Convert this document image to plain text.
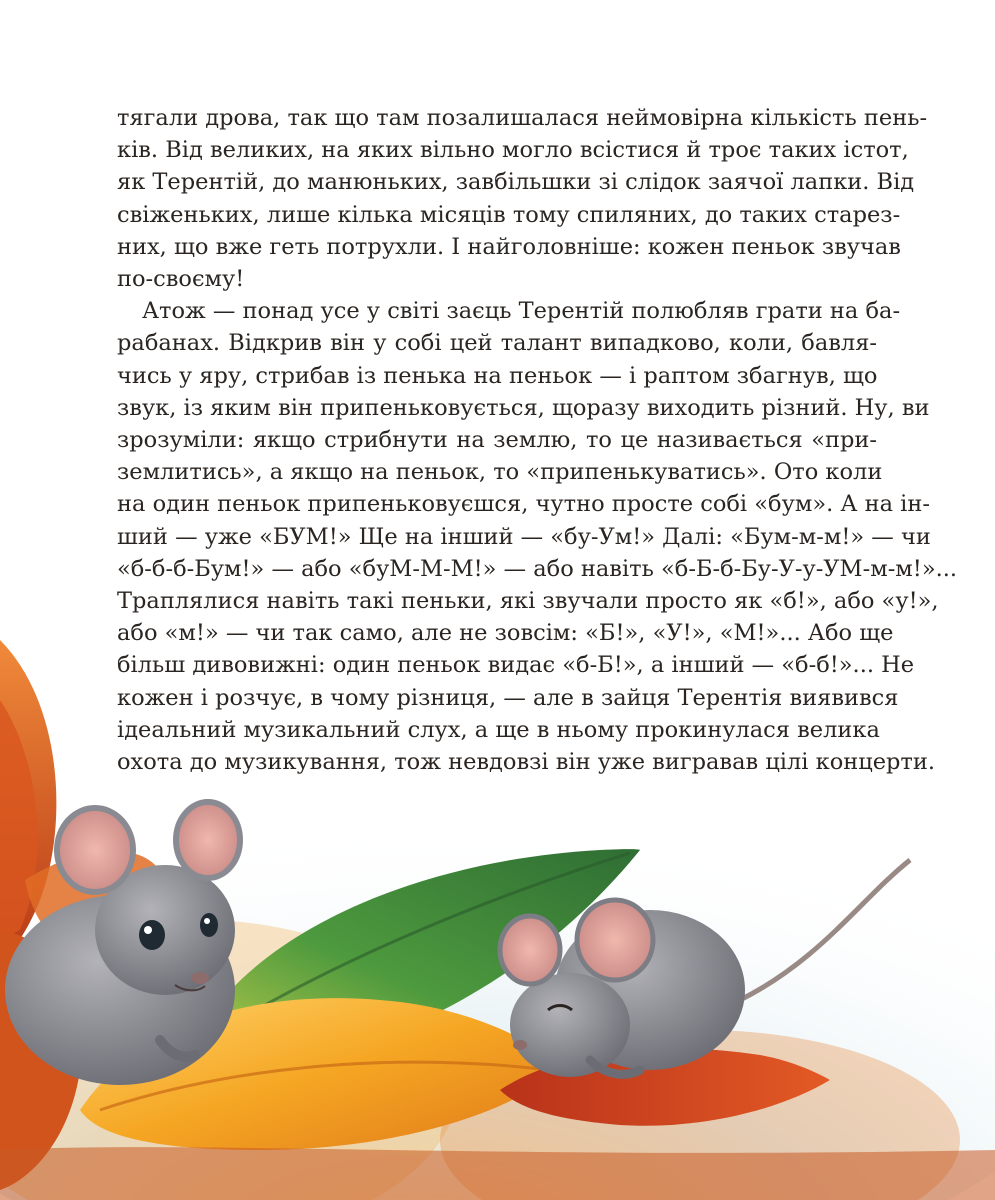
тягали дрова, так що там позалишалася неймовірна кількість пень-
ків. Від великих, на яких вільно могло всістися й троє таких істот,
як Терентій, до манюньких, завбільшки зі слідок заячої лапки. Від
свіженьких, лише кілька місяців тому спиляних, до таких старез-
них, що вже геть потрухли. І найголовніше: кожен пеньок звучав
по-своєму!
Атож — понад усе у світі заєць Терентій полюбляв грати на ба-
рабанах. Відкрив він у собі цей талант випадково, коли, бавля-
чись у яру, стрибав із пенька на пеньок — і раптом збагнув, що
звук, із яким він припеньковується, щоразу виходить різний. Ну, ви
зрозуміли: якщо стрибнути на землю, то це називається «при-
землитись», а якщо на пеньок, то «припенькуватись». Ото коли
на один пеньок припеньковуєшся, чутно просте собі «бум». А на ін-
ший — уже «БУМ!» Ще на інший — «бу-Ум!» Далі: «Бум-м-м!» — чи
«б-б-б-Бум!» — або «буМ-М-М!» — або навіть «б-Б-б-Бу-У-у-УМ-м-м!»...
Траплялися навіть такі пеньки, які звучали просто як «б!», або «у!»,
або «м!» — чи так само, але не зовсім: «Б!», «У!», «М!»... Або ще
більш дивовижні: один пеньок видає «б-Б!», а інший — «б-б!»... Не
кожен і розчує, в чому різниця, — але в зайця Терентія виявився
ідеальний музикальний слух, а ще в ньому прокинулася велика
охота до музикування, тож невдовзі він уже вигравав цілі концерти.
